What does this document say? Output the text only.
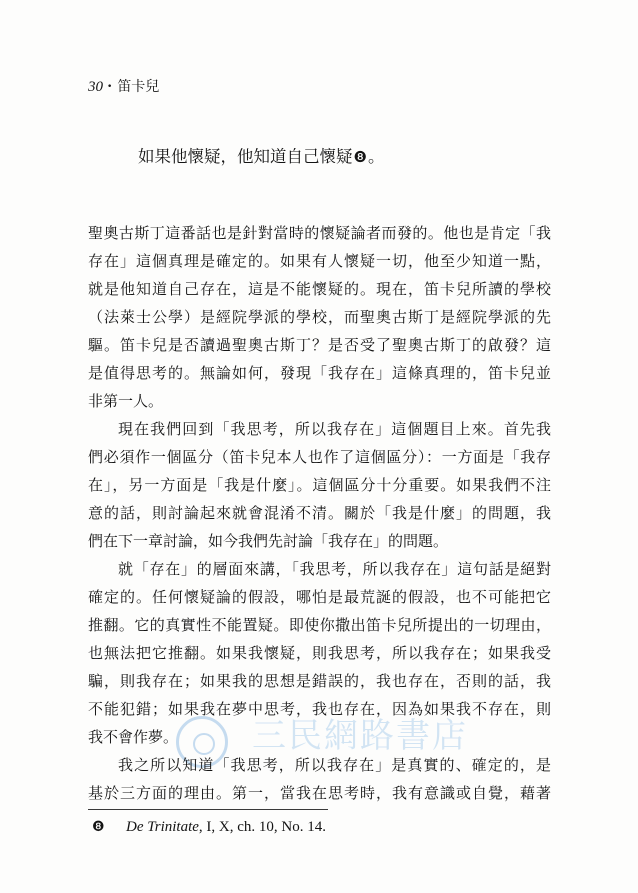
30 • 笛卡兒
如果他懷疑，他知道自己懷疑❽。
三民網路書店
聖奧古斯丁這番話也是針對當時的懷疑論者而發的。他也是肯定「我
存在」這個真理是確定的。如果有人懷疑一切，他至少知道一點，
就是他知道自己存在，這是不能懷疑的。現在，笛卡兒所讀的學校
（法萊士公學）是經院學派的學校，而聖奧古斯丁是經院學派的先
驅。笛卡兒是否讀過聖奧古斯丁？是否受了聖奧古斯丁的啟發？這
是值得思考的。無論如何，發現「我存在」這條真理的，笛卡兒並
非第一人。
現在我們回到「我思考，所以我存在」這個題目上來。首先我
們必須作一個區分（笛卡兒本人也作了這個區分）：一方面是「我存
在」，另一方面是「我是什麼」。這個區分十分重要。如果我們不注
意的話，則討論起來就會混淆不清。關於「我是什麼」的問題，我
們在下一章討論，如今我們先討論「我存在」的問題。
就「存在」的層面來講，「我思考，所以我存在」這句話是絕對
確定的。任何懷疑論的假設，哪怕是最荒誕的假設，也不可能把它
推翻。它的真實性不能置疑。即使你撒出笛卡兒所提出的一切理由，
也無法把它推翻。如果我懷疑，則我思考，所以我存在；如果我受
騙，則我存在；如果我的思想是錯誤的，我也存在，否則的話，我
不能犯錯；如果我在夢中思考，我也存在，因為如果我不存在，則
我不會作夢。
我之所以知道「我思考，所以我存在」是真實的、確定的，是
基於三方面的理由。第一，當我在思考時，我有意識或自覺，藉著
❽ De Trinitate, I, X, ch. 10, No. 14.
